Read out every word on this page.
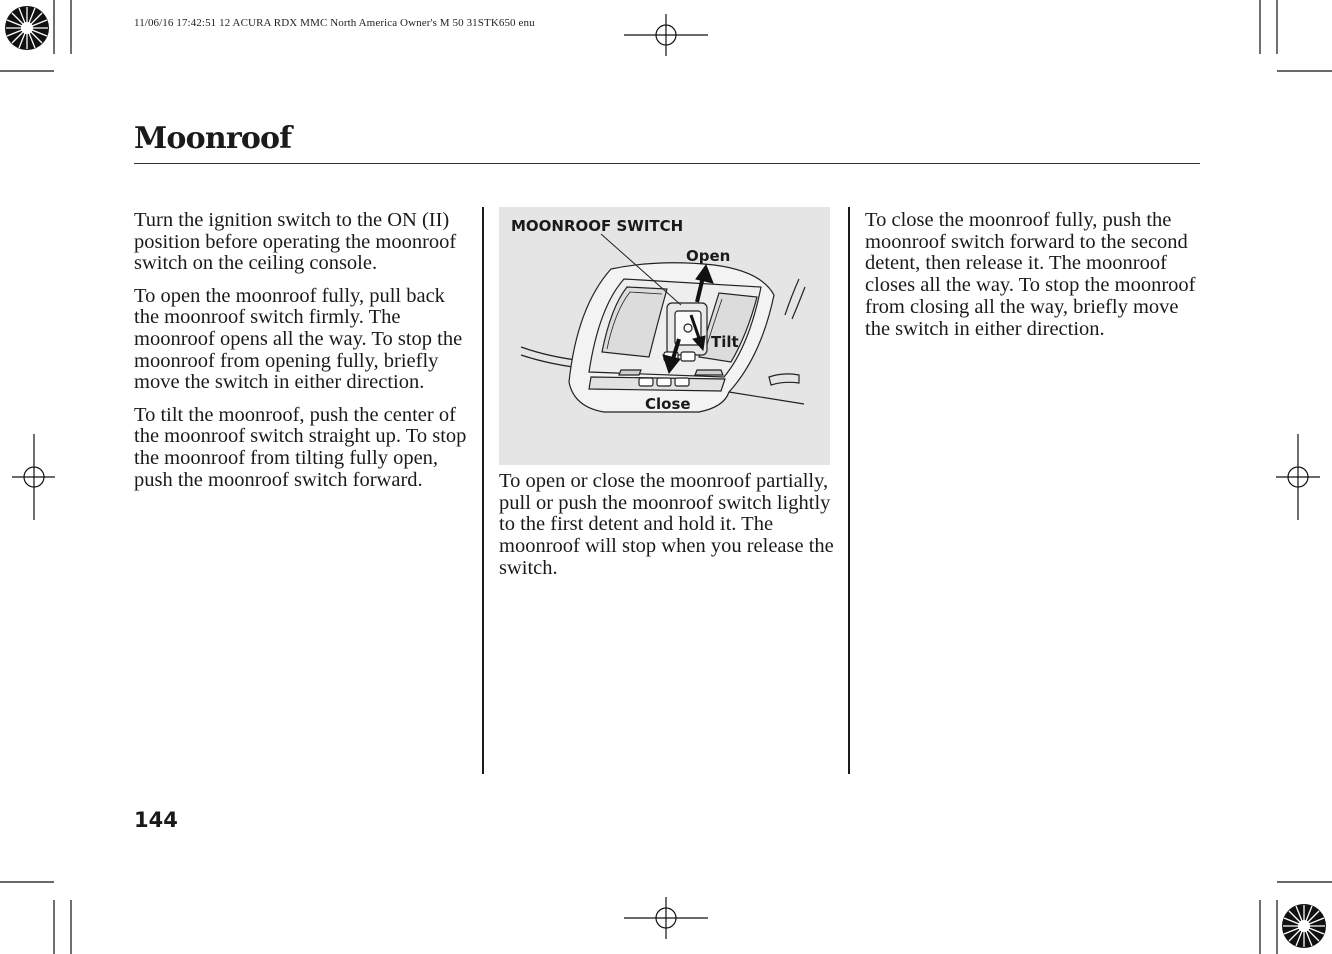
11/06/16 17:42:51 12 ACURA RDX MMC North America Owner's M 50 31STK650 enu
Moonroof

Turn the ignition switch to the ON (II) position before operating the moonroof switch on the ceiling console.

To open the moonroof fully, pull back the moonroof switch firmly. The moonroof opens all the way. To stop the moonroof from opening fully, briefly move the switch in either direction.

To tilt the moonroof, push the center of the moonroof switch straight up. To stop the moonroof from tilting fully open, push the moonroof switch forward.

MOONROOF SWITCH
Open
Tilt
Close

To open or close the moonroof partially, pull or push the moonroof switch lightly to the first detent and hold it. The moonroof will stop when you release the switch.

To close the moonroof fully, push the moonroof switch forward to the second detent, then release it. The moonroof closes all the way. To stop the moonroof from closing all the way, briefly move the switch in either direction.

144
